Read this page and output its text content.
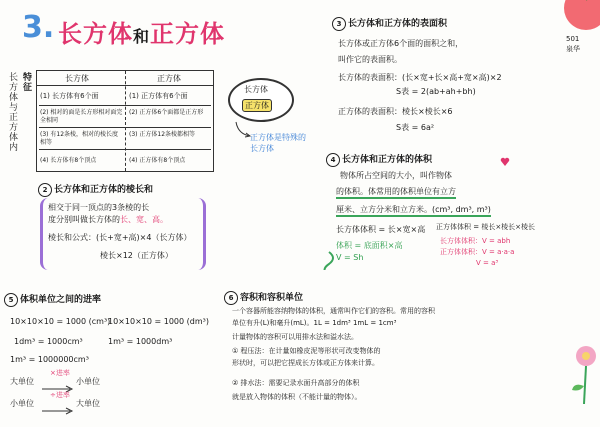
3. 长方体和正方体	501
泉华
长方体与正方体内 特征	长方体	正方体
(1) 长方体有6个面	(1) 正方体有6个面
(2) 相对的面是长方形相对面完全相同
(2) 正方体6个面都是正方形
(3) 有12条棱，相对的棱长度相等
(3) 正方体12条棱都相等
(4) 长方体有8个顶点	(4) 正方体有8个顶点
长方体
正方体
正方体是特殊的
长方体
2 长方体和正方体的棱长和
相交于同一顶点的3条棱的长
度分别叫做长方体的长、宽、高。
棱长和公式：(长+宽+高)×4（长方体）
棱长×12（正方体）
3 长方体和正方体的表面积
长方体或正方体6个面的面积之和，
叫作它的表面积。
长方体的表面积：(长×宽+长×高+宽×高)×2
S表 = 2(ab+ah+bh)
正方体的表面积：棱长×棱长×6
S表 = 6a²
4 长方体和正方体的体积
物体所占空间的大小，叫作物体
的体积。体常用的体积单位有立方
厘米、立方分米和立方米。(cm³, dm³, m³)
长方体体积 = 长×宽×高 正方体体积 = 棱长×棱长×棱长
长方体体积：V = abh
正方体体积：V = a·a·a
V = a³
体积 = 底面积×高
V = Sh
5 体积单位之间的进率
10×10×10 = 1000 (cm³)
10×10×10 = 1000 (dm³)
1dm³ = 1000cm³	1m³ = 1000dm³
1m³ = 1000000cm³
大单位
×进率
小单位
小单位
÷进率
大单位
6 容积和容积单位
一个容器所能容纳物体的体积，通常叫作它们的容积。常用的容积
单位有升(L)和毫升(mL)。1L = 1dm³ 1mL = 1cm³
计量物体的容积可以用排水法和溢水法。
① 程压法：在计量如橡皮泥等形状可改变物体的
形状时，可以把它捏成长方体或正方体来计算。
② 排水法：需要记录水面升高部分的体积
就是放入物体的体积（不能计量的物体）。
